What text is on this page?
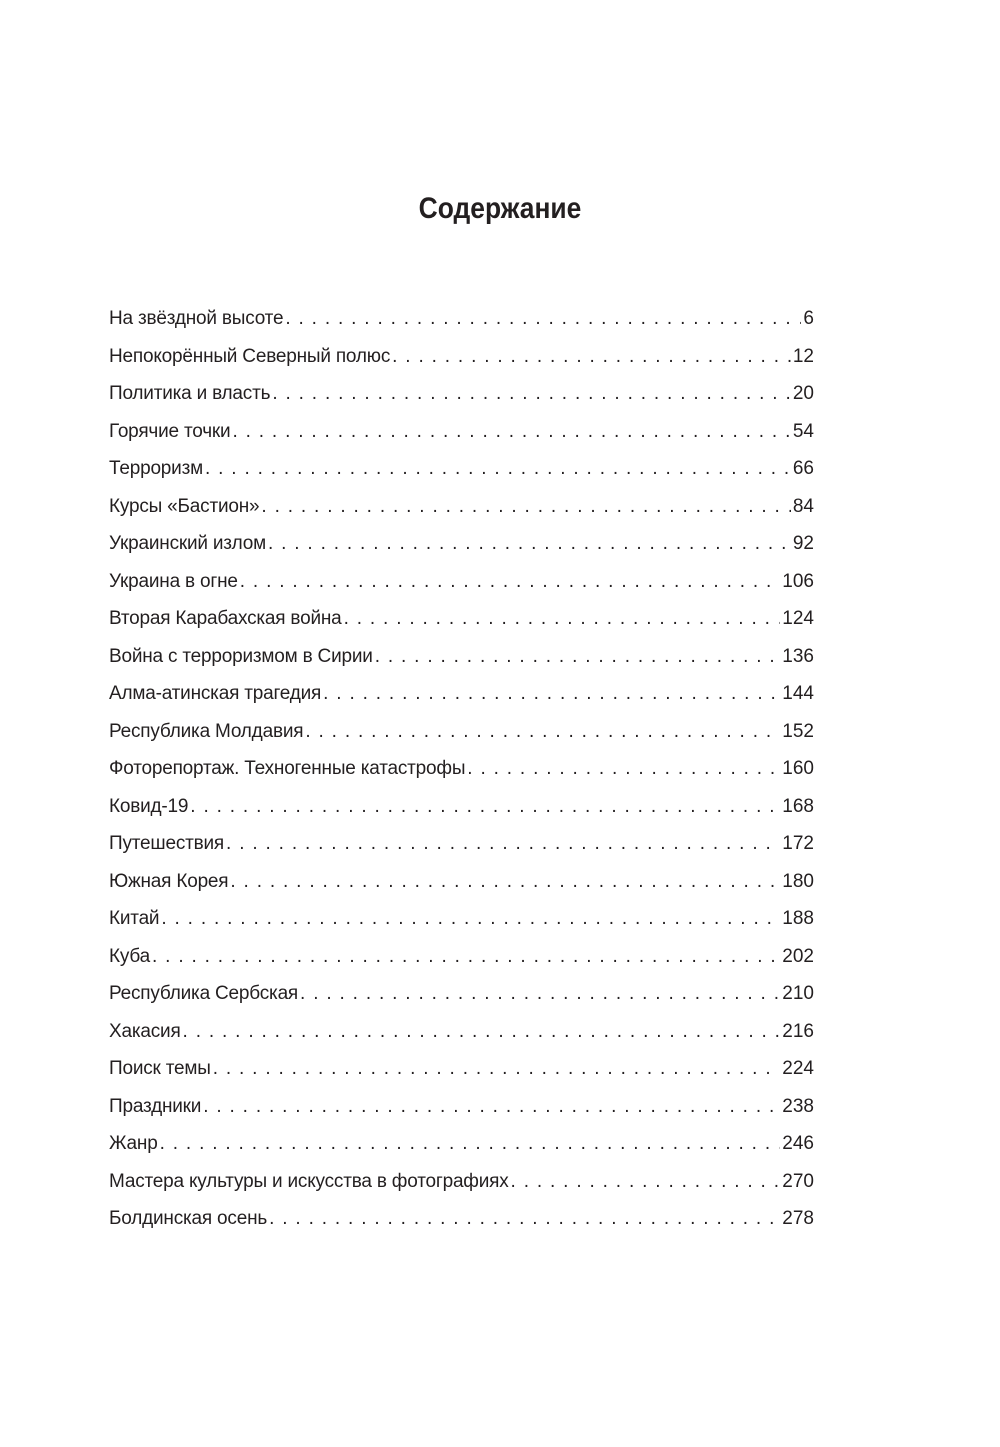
Содержание
На звёздной высоте . . .	6
Непокорённый Северный полюс . . .	12
Политика и власть . . .	20
Горячие точки . . .	54
Терроризм . . .	66
Курсы «Бастион» . . .	84
Украинский излом . . .	92
Украина в огне . . .	106
Вторая Карабахская война . . .	124
Война с терроризмом в Сирии . . .	136
Алма-атинская трагедия . . .	144
Республика Молдавия . . .	152
Фоторепортаж. Техногенные катастрофы . . .	160
Ковид-19 . . .	168
Путешествия . . .	172
Южная Корея . . .	180
Китай . . .	188
Куба . . .	202
Республика Сербская . . .	210
Хакасия . . .	216
Поиск темы . . .	224
Праздники . . .	238
Жанр . . .	246
Мастера культуры и искусства в фотографиях . . .	270
Болдинская осень . . .	278
